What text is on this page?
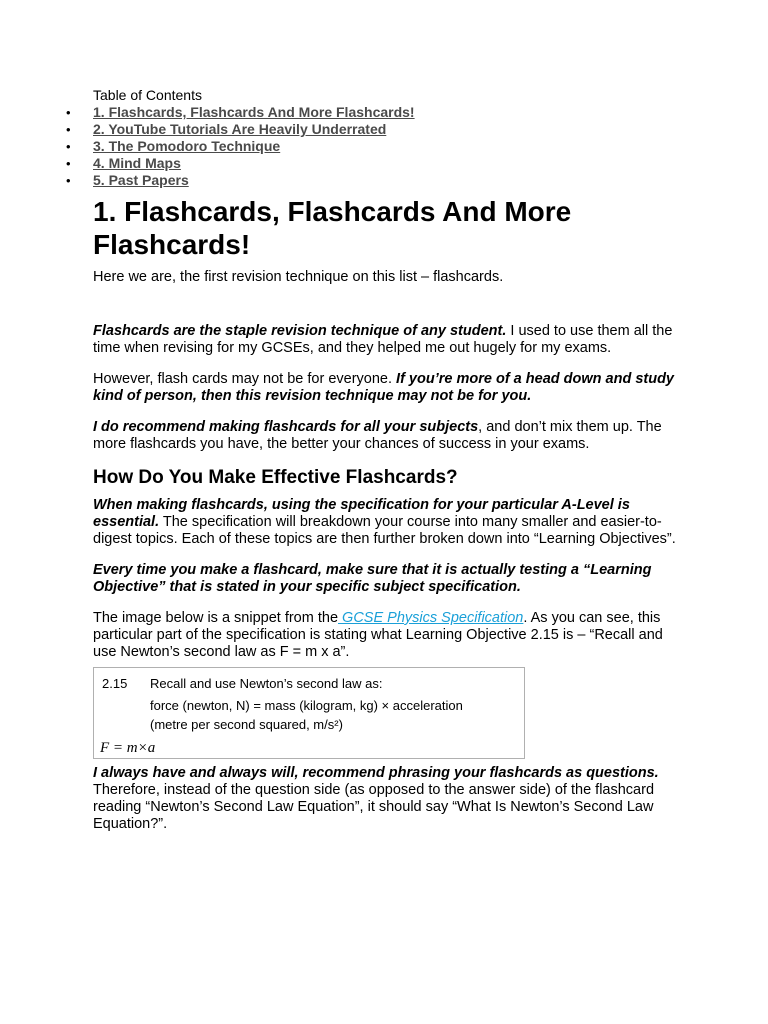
Table of Contents

• 1. Flashcards, Flashcards And More Flashcards!
• 2. YouTube Tutorials Are Heavily Underrated
• 3. The Pomodoro Technique
• 4. Mind Maps
• 5. Past Papers
1. Flashcards, Flashcards And More Flashcards!

Here we are, the first revision technique on this list – flashcards.

Flashcards are the staple revision technique of any student. I used to use them all the time when revising for my GCSEs, and they helped me out hugely for my exams.

However, flash cards may not be for everyone. If you’re more of a head down and study kind of person, then this revision technique may not be for you.

I do recommend making flashcards for all your subjects, and don’t mix them up. The more flashcards you have, the better your chances of success in your exams.

How Do You Make Effective Flashcards?

When making flashcards, using the specification for your particular A-Level is essential. The specification will breakdown your course into many smaller and easier-to-digest topics. Each of these topics are then further broken down into “Learning Objectives”.

Every time you make a flashcard, make sure that it is actually testing a “Learning Objective” that is stated in your specific subject specification.

The image below is a snippet from the GCSE Physics Specification. As you can see, this particular part of the specification is stating what Learning Objective 2.15 is – “Recall and use Newton’s second law as F = m x a”.

2.15 Recall and use Newton’s second law as:
force (newton, N) = mass (kilogram, kg) × acceleration
(metre per second squared, m/s²)
F = m×a

I always have and always will, recommend phrasing your flashcards as questions. Therefore, instead of the question side (as opposed to the answer side) of the flashcard reading “Newton’s Second Law Equation”, it should say “What Is Newton’s Second Law Equation?”.
